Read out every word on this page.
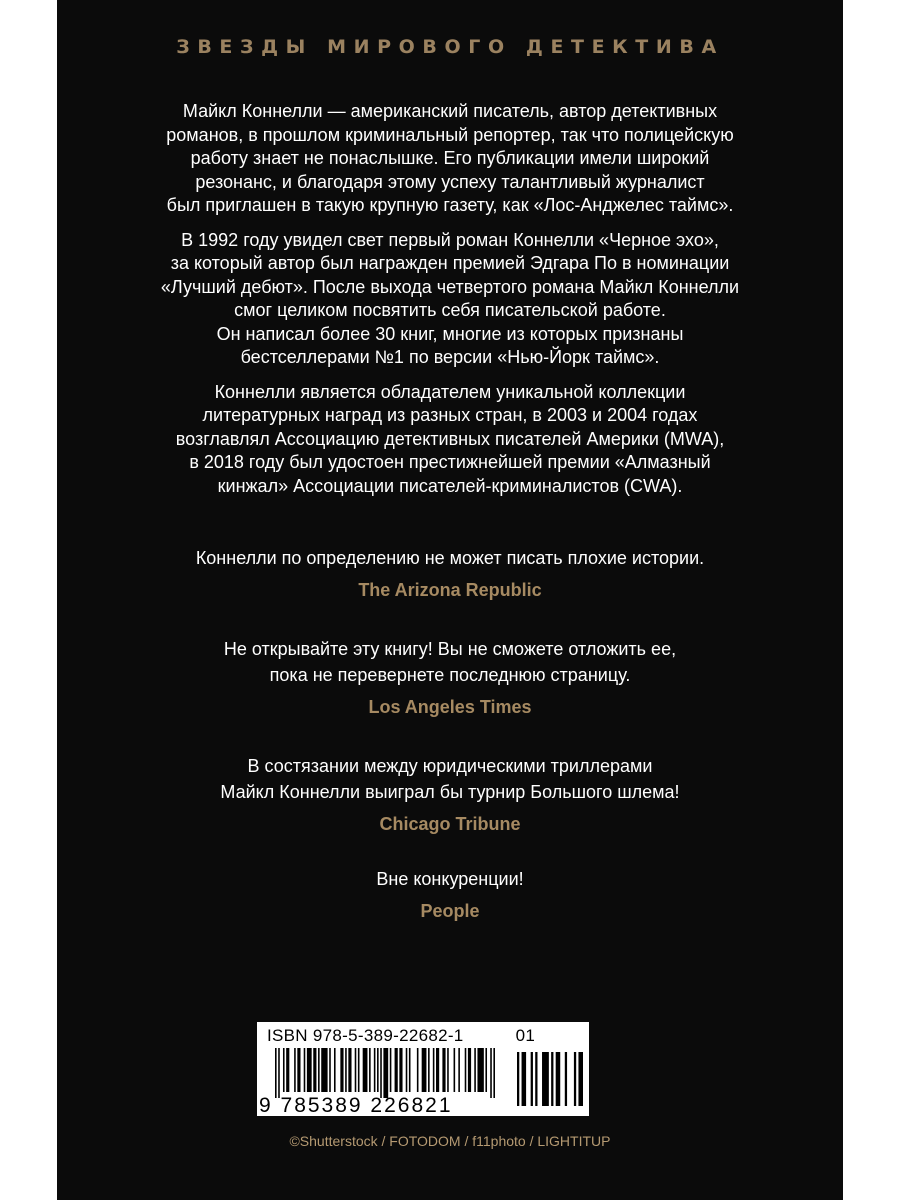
ЗВЕЗДЫ МИРОВОГО ДЕТЕКТИВА

Майкл Коннелли — американский писатель, автор детективных
романов, в прошлом криминальный репортер, так что полицейскую
работу знает не понаслышке. Его публикации имели широкий
резонанс, и благодаря этому успеху талантливый журналист
был приглашен в такую крупную газету, как «Лос-Анджелес таймс».

В 1992 году увидел свет первый роман Коннелли «Черное эхо»,
за который автор был награжден премией Эдгара По в номинации
«Лучший дебют». После выхода четвертого романа Майкл Коннелли
смог целиком посвятить себя писательской работе.
Он написал более 30 книг, многие из которых признаны
бестселлерами №1 по версии «Нью-Йорк таймс».

Коннелли является обладателем уникальной коллекции
литературных наград из разных стран, в 2003 и 2004 годах
возглавлял Ассоциацию детективных писателей Америки (MWA),
в 2018 году был удостоен престижнейшей премии «Алмазный
кинжал» Ассоциации писателей-криминалистов (CWA).

Коннелли по определению не может писать плохие истории.

The Arizona Republic

Не открывайте эту книгу! Вы не сможете отложить ее,
пока не перевернете последнюю страницу.

Los Angeles Times

В состязании между юридическими триллерами
Майкл Коннелли выиграл бы турнир Большого шлема!

Chicago Tribune

Вне конкуренции!

People
©Shutterstock / FOTODOM / f11photo / LIGHTITUP
ISBN 978-5-389-22682-1	01
9 785389 226821
